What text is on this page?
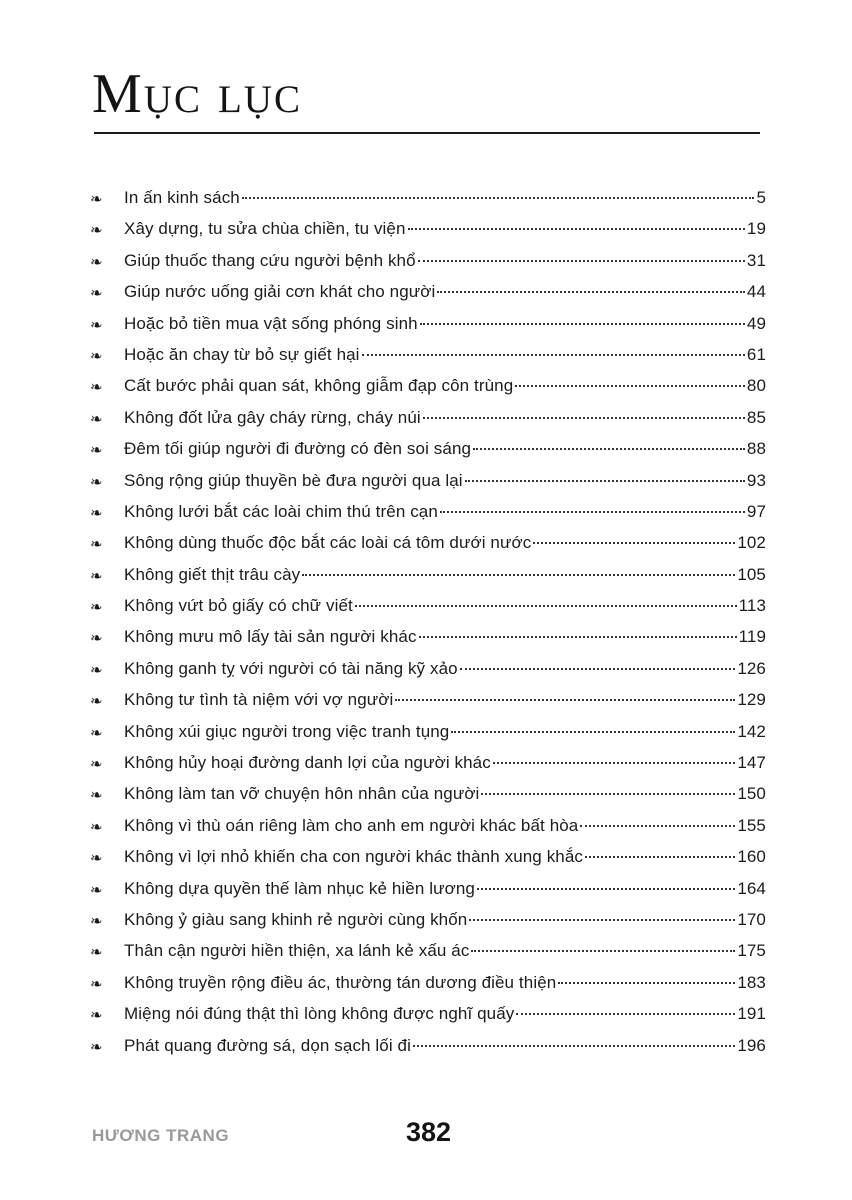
Mục lục
❧	In ấn kinh sách	5
❧	Xây dựng, tu sửa chùa chiền, tu viện	19
❧	Giúp thuốc thang cứu người bệnh khổ	31
❧	Giúp nước uống giải cơn khát cho người	44
❧	Hoặc bỏ tiền mua vật sống phóng sinh	49
❧	Hoặc ăn chay từ bỏ sự giết hại	61
❧	Cất bước phải quan sát, không giẫm đạp côn trùng	80
❧	Không đốt lửa gây cháy rừng, cháy núi	85
❧	Đêm tối giúp người đi đường có đèn soi sáng	88
❧	Sông rộng giúp thuyền bè đưa người qua lại	93
❧	Không lưới bắt các loài chim thú trên cạn	97
❧	Không dùng thuốc độc bắt các loài cá tôm dưới nước	102
❧	Không giết thịt trâu cày	105
❧	Không vứt bỏ giấy có chữ viết	113
❧	Không mưu mô lấy tài sản người khác	119
❧	Không ganh tỵ với người có tài năng kỹ xảo	126
❧	Không tư tình tà niệm với vợ người	129
❧	Không xúi giục người trong việc tranh tụng	142
❧	Không hủy hoại đường danh lợi của người khác	147
❧	Không làm tan vỡ chuyện hôn nhân của người	150
❧	Không vì thù oán riêng làm cho anh em người khác bất hòa	155
❧	Không vì lợi nhỏ khiến cha con người khác thành xung khắc	160
❧	Không dựa quyền thế làm nhục kẻ hiền lương	164
❧	Không ỷ giàu sang khinh rẻ người cùng khốn	170
❧	Thân cận người hiền thiện, xa lánh kẻ xấu ác	175
❧	Không truyền rộng điều ác, thường tán dương điều thiện	183
❧	Miệng nói đúng thật thì lòng không được nghĩ quấy	191
❧	Phát quang đường sá, dọn sạch lối đi	196
HƯƠNG TRANG	382
